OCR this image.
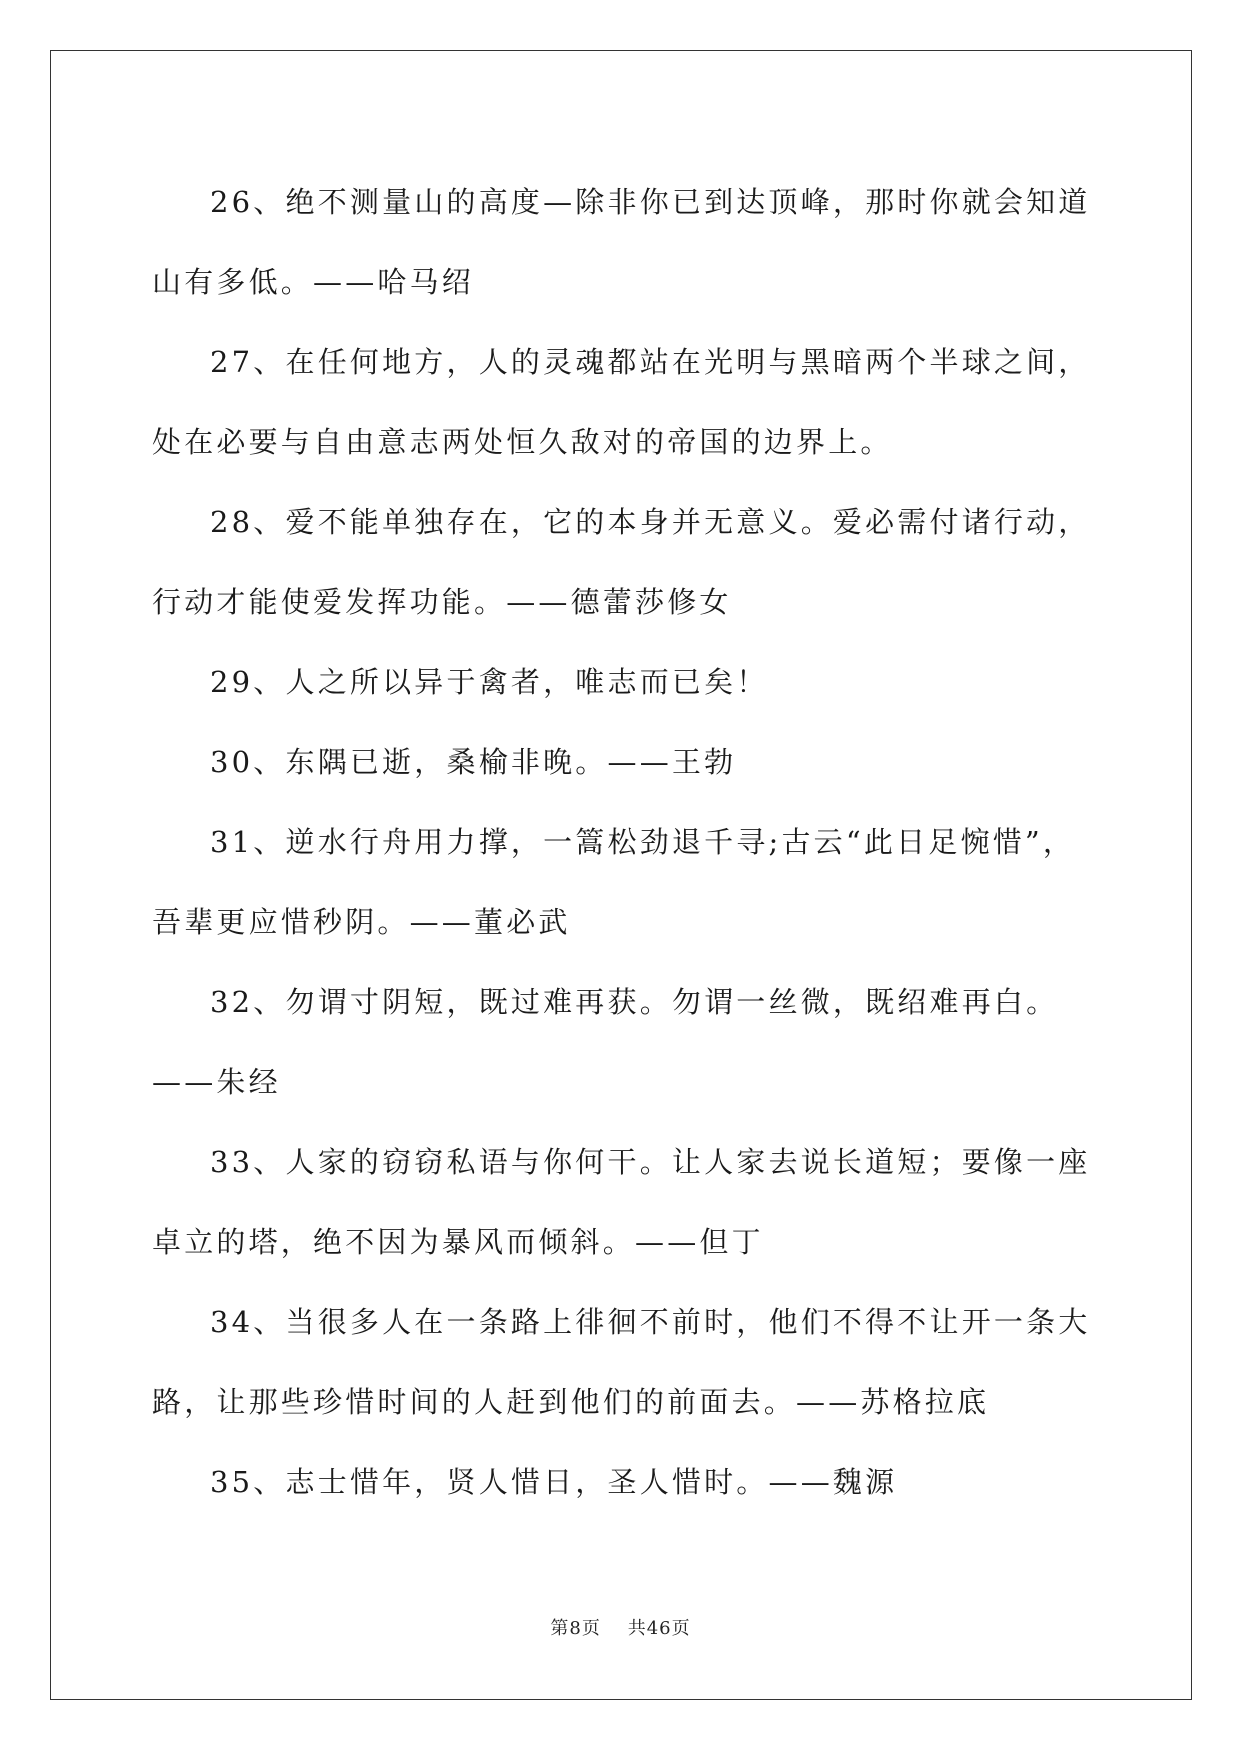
26、绝不测量山的高度—除非你已到达顶峰，那时你就会知道山有多低。——哈马绍

27、在任何地方，人的灵魂都站在光明与黑暗两个半球之间，处在必要与自由意志两处恒久敌对的帝国的边界上。

28、爱不能单独存在，它的本身并无意义。爱必需付诸行动，行动才能使爱发挥功能。——德蕾莎修女

29、人之所以异于禽者，唯志而已矣！

30、东隅已逝，桑榆非晚。——王勃

31、逆水行舟用力撑，一篙松劲退千寻;古云“此日足惋惜”，吾辈更应惜秒阴。——董必武

32、勿谓寸阴短，既过难再获。勿谓一丝微，既绍难再白。——朱经

33、人家的窃窃私语与你何干。让人家去说长道短；要像一座卓立的塔，绝不因为暴风而倾斜。——但丁

34、当很多人在一条路上徘徊不前时，他们不得不让开一条大路，让那些珍惜时间的人赶到他们的前面去。——苏格拉底

35、志士惜年，贤人惜日，圣人惜时。——魏源

第8页 共46页
